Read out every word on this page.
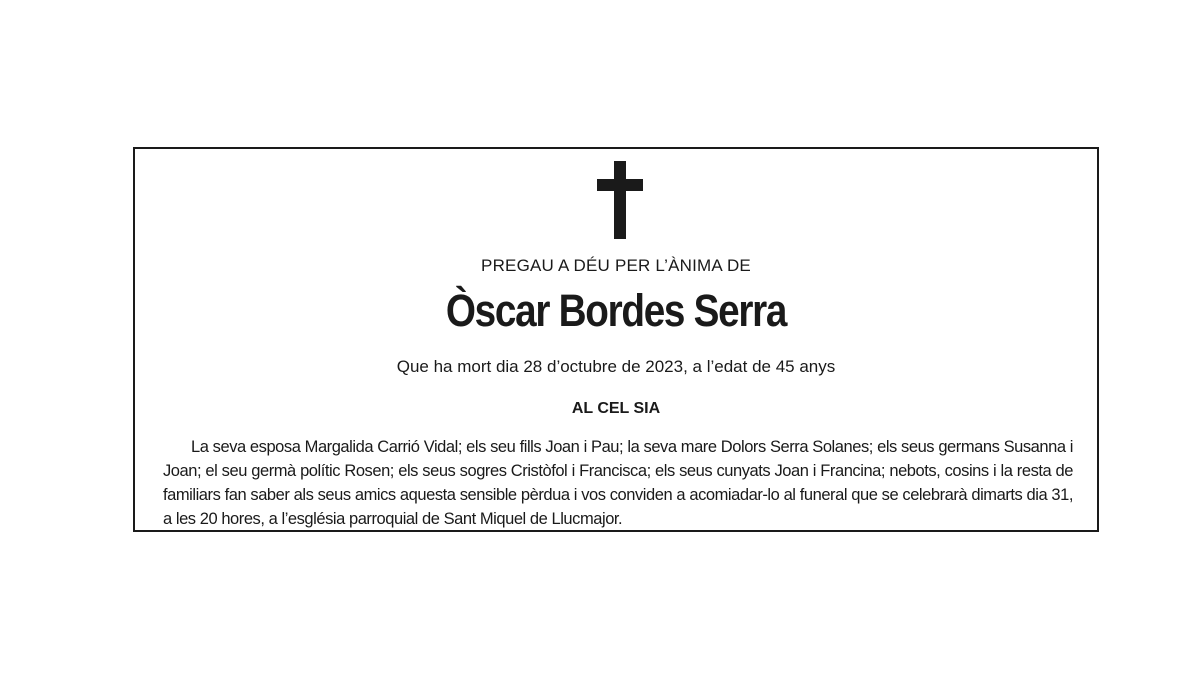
PREGAU A DÉU PER L’ÀNIMA DE
Òscar Bordes Serra
Que ha mort dia 28 d’octubre de 2023, a l’edat de 45 anys
AL CEL SIA
La seva esposa Margalida Carrió Vidal; els seu fills Joan i Pau; la seva mare Dolors Serra Solanes; els seus germans Susanna i Joan; el seu germà polític Rosen; els seus sogres Cristòfol i Francisca; els seus cunyats Joan i Francina; nebots, cosins i la resta de familiars fan saber als seus amics aquesta sensible pèrdua i vos conviden a acomiadar-lo al funeral que se celebrarà dimarts dia 31, a les 20 hores, a l’església parroquial de Sant Miquel de Llucmajor.
